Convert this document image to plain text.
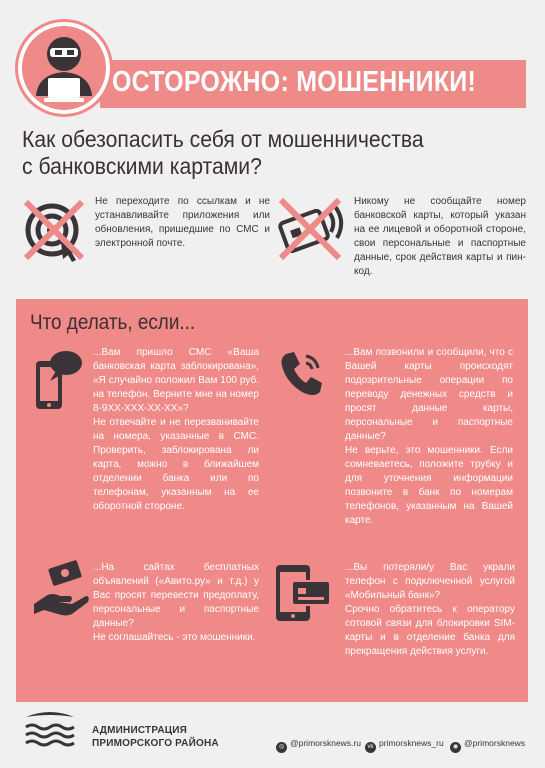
ОСТОРОЖНО: МОШЕННИКИ!
Как обезопасить себя от мошенничества
с банковскими картами?
Не переходите по ссылкам и не устанавливайте приложения или обновления, пришедшие по СМС и электронной почте.
Никому не сообщайте номер банковской карты, который указан на ее лицевой и оборотной стороне, свои персональные и паспортные данные, срок действия карты и пин-код.
Что делать, если...

...Вам пришло СМС «Ваша банковская карта заблокирована», «Я случайно положил Вам 100 руб. на телефон. Верните мне на номер 8-9ХХ-ХХХ-ХХ-ХХ»?

Не отвечайте и не перезванивайте на номера, указанные в СМС. Проверить, заблокирована ли карта, можно в ближайшем отделении банка или по телефонам, указанным на ее оборотной стороне.

...Вам позвонили и сообщили, что с Вашей карты происходят подозрительные операции по переводу денежных средств и просят данные карты, персональные и паспортные данные?

Не верьте, это мошенники. Если сомневаетесь, положите трубку и для уточнения информации позвоните в банк по номерам телефонов, указанным на Вашей карте.

...На сайтах бесплатных объявлений («Авито.ру» и т.д.) у Вас просят перевести предоплату, персональные и паспортные данные?

Не соглашайтесь - это мошенники.

...Вы потеряли/у Вас украли телефон с подключенной услугой «Мобильный банк»?

Срочно обратитесь к оператору сотовой связи для блокировки SIM-карты и в отделение банка для прекращения действия услуги.

АДМИНИСТРАЦИЯ
ПРИМОРСКОГО РАЙОНА	◎ @primorsknews.ru	vk primorsknews_ru	◉ @primorsknews
